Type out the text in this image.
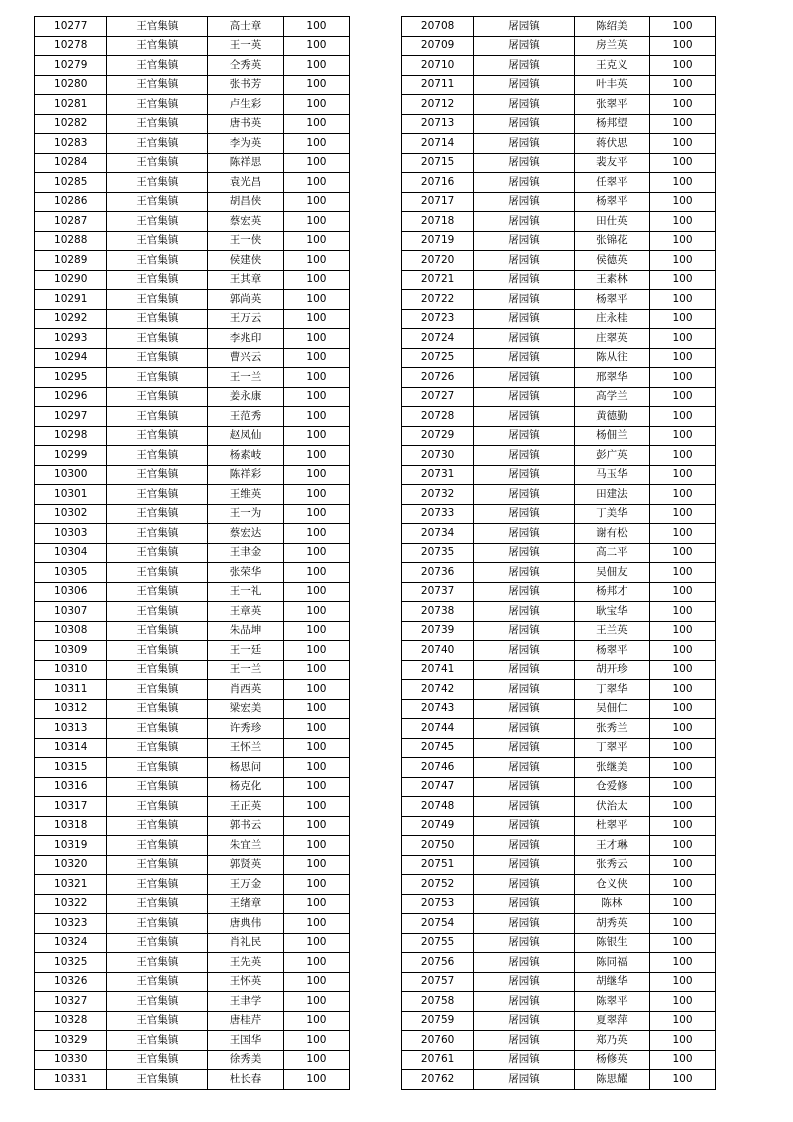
10277	王官集镇	高士章	100
10278	王官集镇	王一英	100
10279	王官集镇	仝秀英	100
10280	王官集镇	张书芳	100
10281	王官集镇	卢生彩	100
10282	王官集镇	唐书英	100
10283	王官集镇	李为英	100
10284	王官集镇	陈祥思	100
10285	王官集镇	袁光昌	100
10286	王官集镇	胡昌侠	100
10287	王官集镇	蔡宏英	100
10288	王官集镇	王一侠	100
10289	王官集镇	侯建侠	100
10290	王官集镇	王其章	100
10291	王官集镇	郭尚英	100
10292	王官集镇	王万云	100
10293	王官集镇	李兆印	100
10294	王官集镇	曹兴云	100
10295	王官集镇	王一兰	100
10296	王官集镇	姜永康	100
10297	王官集镇	王范秀	100
10298	王官集镇	赵凤仙	100
10299	王官集镇	杨素岐	100
10300	王官集镇	陈祥彩	100
10301	王官集镇	王维英	100
10302	王官集镇	王一为	100
10303	王官集镇	蔡宏达	100
10304	王官集镇	王聿金	100
10305	王官集镇	张荣华	100
10306	王官集镇	王一礼	100
10307	王官集镇	王章英	100
10308	王官集镇	朱品坤	100
10309	王官集镇	王一廷	100
10310	王官集镇	王一兰	100
10311	王官集镇	肖西英	100
10312	王官集镇	梁宏美	100
10313	王官集镇	许秀珍	100
10314	王官集镇	王怀兰	100
10315	王官集镇	杨思问	100
10316	王官集镇	杨克化	100
10317	王官集镇	王正英	100
10318	王官集镇	郭书云	100
10319	王官集镇	朱宜兰	100
10320	王官集镇	郭贤英	100
10321	王官集镇	王万金	100
10322	王官集镇	王绪章	100
10323	王官集镇	唐典伟	100
10324	王官集镇	肖礼民	100
10325	王官集镇	王先英	100
10326	王官集镇	王怀英	100
10327	王官集镇	王聿学	100
10328	王官集镇	唐桂芹	100
10329	王官集镇	王国华	100
10330	王官集镇	徐秀美	100
10331	王官集镇	杜长春	100
20708	屠园镇	陈绍美	100
20709	屠园镇	房兰英	100
20710	屠园镇	王克义	100
20711	屠园镇	叶丰英	100
20712	屠园镇	张翠平	100
20713	屠园镇	杨邦望	100
20714	屠园镇	蒋伏思	100
20715	屠园镇	裴友平	100
20716	屠园镇	任翠平	100
20717	屠园镇	杨翠平	100
20718	屠园镇	田仕英	100
20719	屠园镇	张锦花	100
20720	屠园镇	侯德英	100
20721	屠园镇	王素林	100
20722	屠园镇	杨翠平	100
20723	屠园镇	庄永桂	100
20724	屠园镇	庄翠英	100
20725	屠园镇	陈从往	100
20726	屠园镇	邢翠华	100
20727	屠园镇	高学兰	100
20728	屠园镇	黄德勤	100
20729	屠园镇	杨佃兰	100
20730	屠园镇	彭广英	100
20731	屠园镇	马玉华	100
20732	屠园镇	田建法	100
20733	屠园镇	丁美华	100
20734	屠园镇	谢有松	100
20735	屠园镇	高二平	100
20736	屠园镇	吴佃友	100
20737	屠园镇	杨邦才	100
20738	屠园镇	耿宝华	100
20739	屠园镇	王兰英	100
20740	屠园镇	杨翠平	100
20741	屠园镇	胡开珍	100
20742	屠园镇	丁翠华	100
20743	屠园镇	吴佃仁	100
20744	屠园镇	张秀兰	100
20745	屠园镇	丁翠平	100
20746	屠园镇	张继美	100
20747	屠园镇	仓爱修	100
20748	屠园镇	伏治太	100
20749	屠园镇	杜翠平	100
20750	屠园镇	王才琳	100
20751	屠园镇	张秀云	100
20752	屠园镇	仓义侠	100
20753	屠园镇	陈林	100
20754	屠园镇	胡秀英	100
20755	屠园镇	陈银生	100
20756	屠园镇	陈同福	100
20757	屠园镇	胡继华	100
20758	屠园镇	陈翠平	100
20759	屠园镇	夏翠萍	100
20760	屠园镇	郑乃英	100
20761	屠园镇	杨修英	100
20762	屠园镇	陈思耀	100
